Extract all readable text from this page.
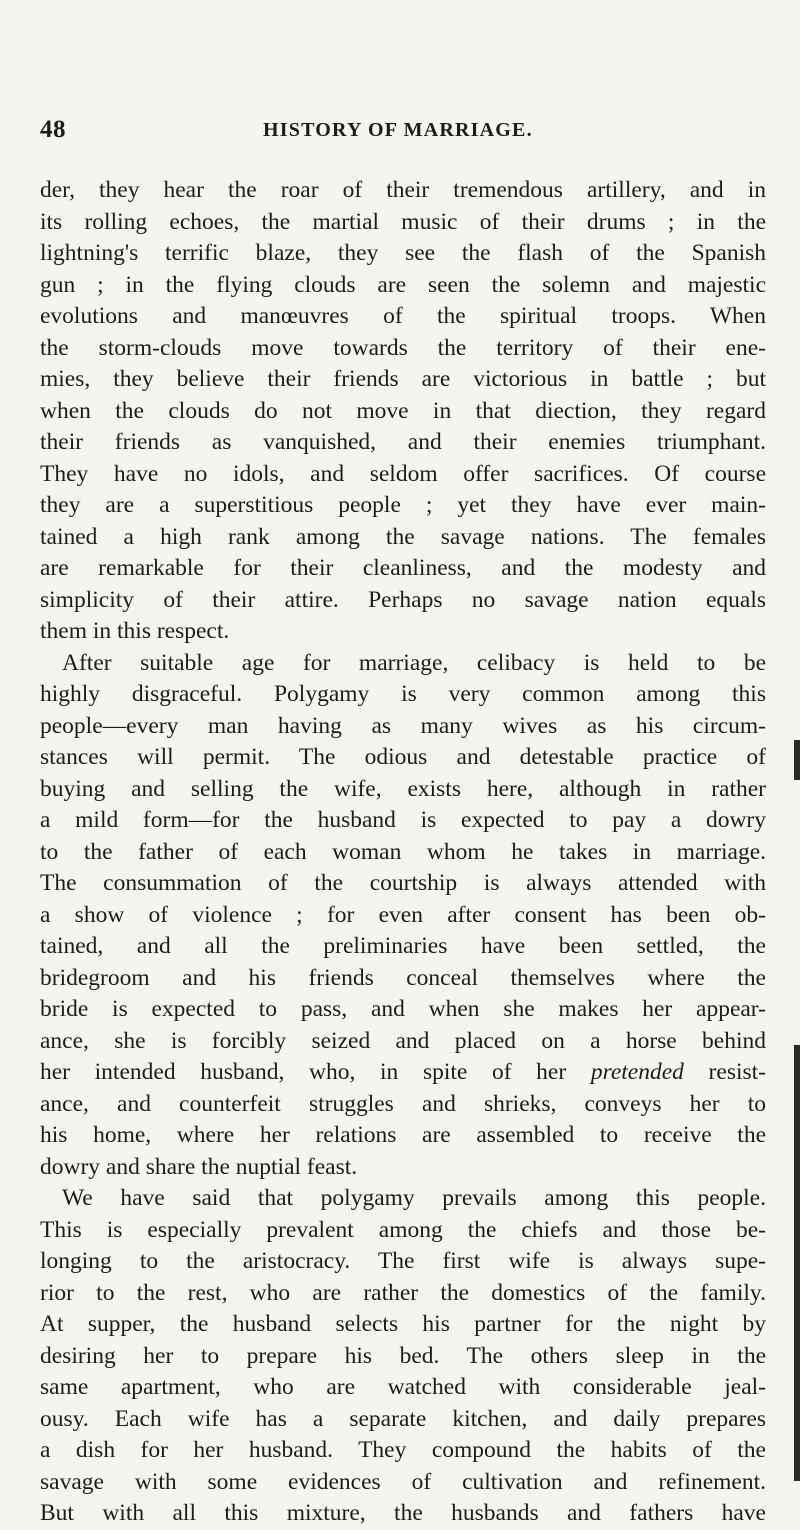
48	HISTORY OF MARRIAGE.
der, they hear the roar of their tremendous artillery, and in
its rolling echoes, the martial music of their drums ; in the
lightning's terrific blaze, they see the flash of the Spanish
gun ; in the flying clouds are seen the solemn and majestic
evolutions and manœuvres of the spiritual troops. When
the storm-clouds move towards the territory of their ene-
mies, they believe their friends are victorious in battle ; but
when the clouds do not move in that diection, they regard
their friends as vanquished, and their enemies triumphant.
They have no idols, and seldom offer sacrifices. Of course
they are a superstitious people ; yet they have ever main-
tained a high rank among the savage nations. The females
are remarkable for their cleanliness, and the modesty and
simplicity of their attire. Perhaps no savage nation equals
them in this respect.
After suitable age for marriage, celibacy is held to be
highly disgraceful. Polygamy is very common among this
people—every man having as many wives as his circum-
stances will permit. The odious and detestable practice of
buying and selling the wife, exists here, although in rather
a mild form—for the husband is expected to pay a dowry
to the father of each woman whom he takes in marriage.
The consummation of the courtship is always attended with
a show of violence ; for even after consent has been ob-
tained, and all the preliminaries have been settled, the
bridegroom and his friends conceal themselves where the
bride is expected to pass, and when she makes her appear-
ance, she is forcibly seized and placed on a horse behind
her intended husband, who, in spite of her pretended resist-
ance, and counterfeit struggles and shrieks, conveys her to
his home, where her relations are assembled to receive the
dowry and share the nuptial feast.
We have said that polygamy prevails among this people.
This is especially prevalent among the chiefs and those be-
longing to the aristocracy. The first wife is always supe-
rior to the rest, who are rather the domestics of the family.
At supper, the husband selects his partner for the night by
desiring her to prepare his bed. The others sleep in the
same apartment, who are watched with considerable jeal-
ousy. Each wife has a separate kitchen, and daily prepares
a dish for her husband. They compound the habits of the
savage with some evidences of cultivation and refinement.
But with all this mixture, the husbands and fathers have
